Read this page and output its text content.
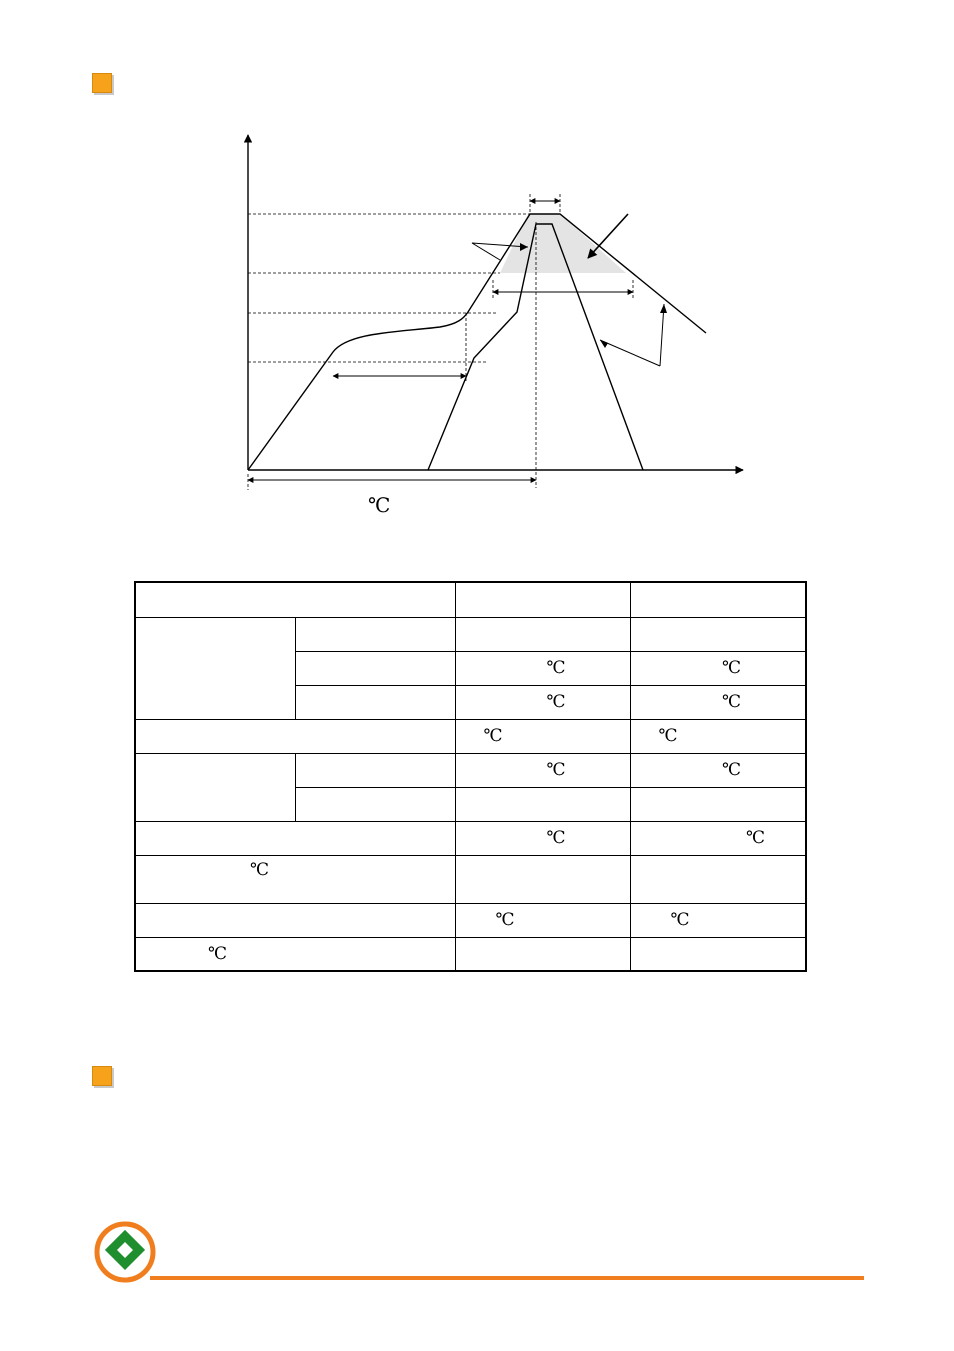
℃

		℃	℃

		℃	℃

		℃	℃

		℃	℃

		℃	℃

℃			
		℃	℃
℃			
